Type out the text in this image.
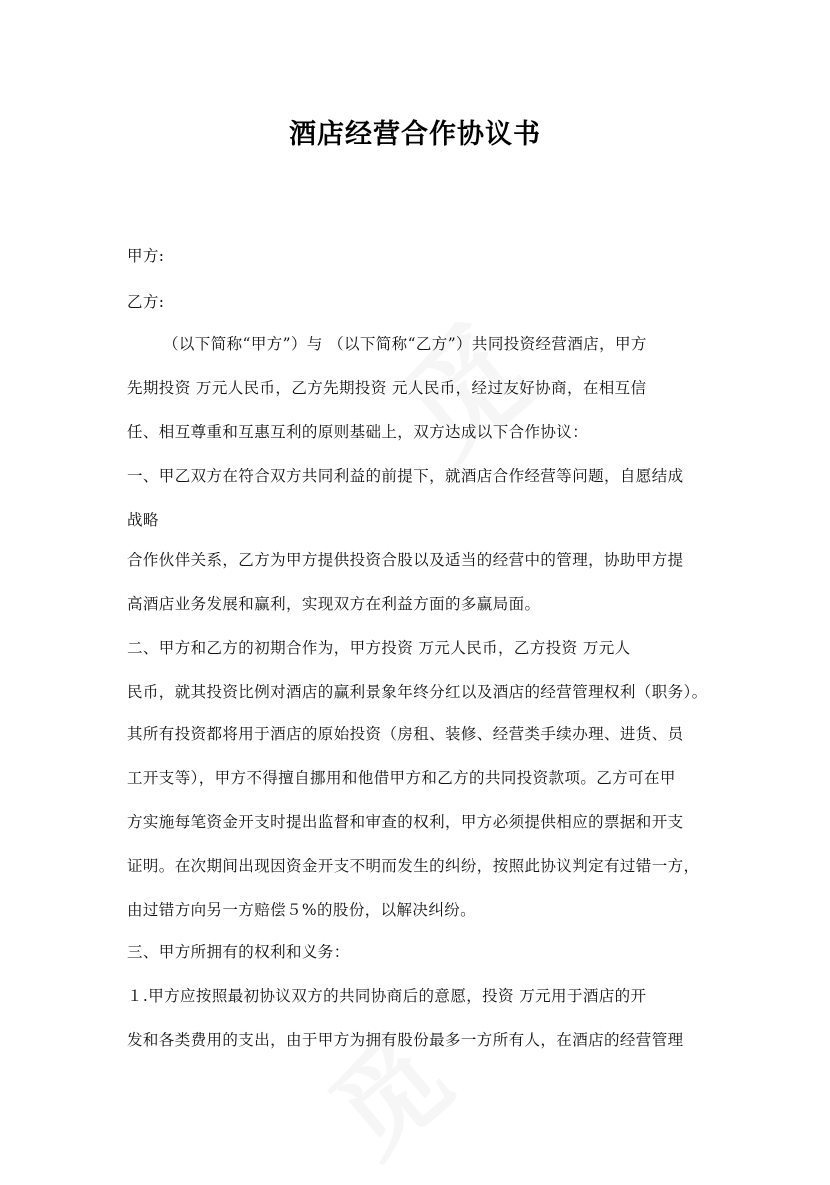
酒店经营合作协议书
甲方:
乙方:
（以下简称“甲方”）与 （以下简称“乙方”）共同投资经营酒店，甲方
先期投资 万元人民币，乙方先期投资 元人民币，经过友好协商，在相互信
任、相互尊重和互惠互利的原则基础上，双方达成以下合作协议：
一、甲乙双方在符合双方共同利益的前提下，就酒店合作经营等问题，自愿结成
战略
合作伙伴关系，乙方为甲方提供投资合股以及适当的经营中的管理，协助甲方提
高酒店业务发展和赢利，实现双方在利益方面的多赢局面。
二、甲方和乙方的初期合作为，甲方投资 万元人民币，乙方投资 万元人
民币，就其投资比例对酒店的赢利景象年终分红以及酒店的经营管理权利（职务）。
其所有投资都将用于酒店的原始投资（房租、装修、经营类手续办理、进货、员
工开支等），甲方不得擅自挪用和他借甲方和乙方的共同投资款项。乙方可在甲
方实施每笔资金开支时提出监督和审查的权利，甲方必须提供相应的票据和开支
证明。在次期间出现因资金开支不明而发生的纠纷，按照此协议判定有过错一方，
由过错方向另一方赔偿５%的股份，以解决纠纷。
三、甲方所拥有的权利和义务：
１.甲方应按照最初协议双方的共同协商后的意愿，投资 万元用于酒店的开
发和各类费用的支出，由于甲方为拥有股份最多一方所有人，在酒店的经营管理
